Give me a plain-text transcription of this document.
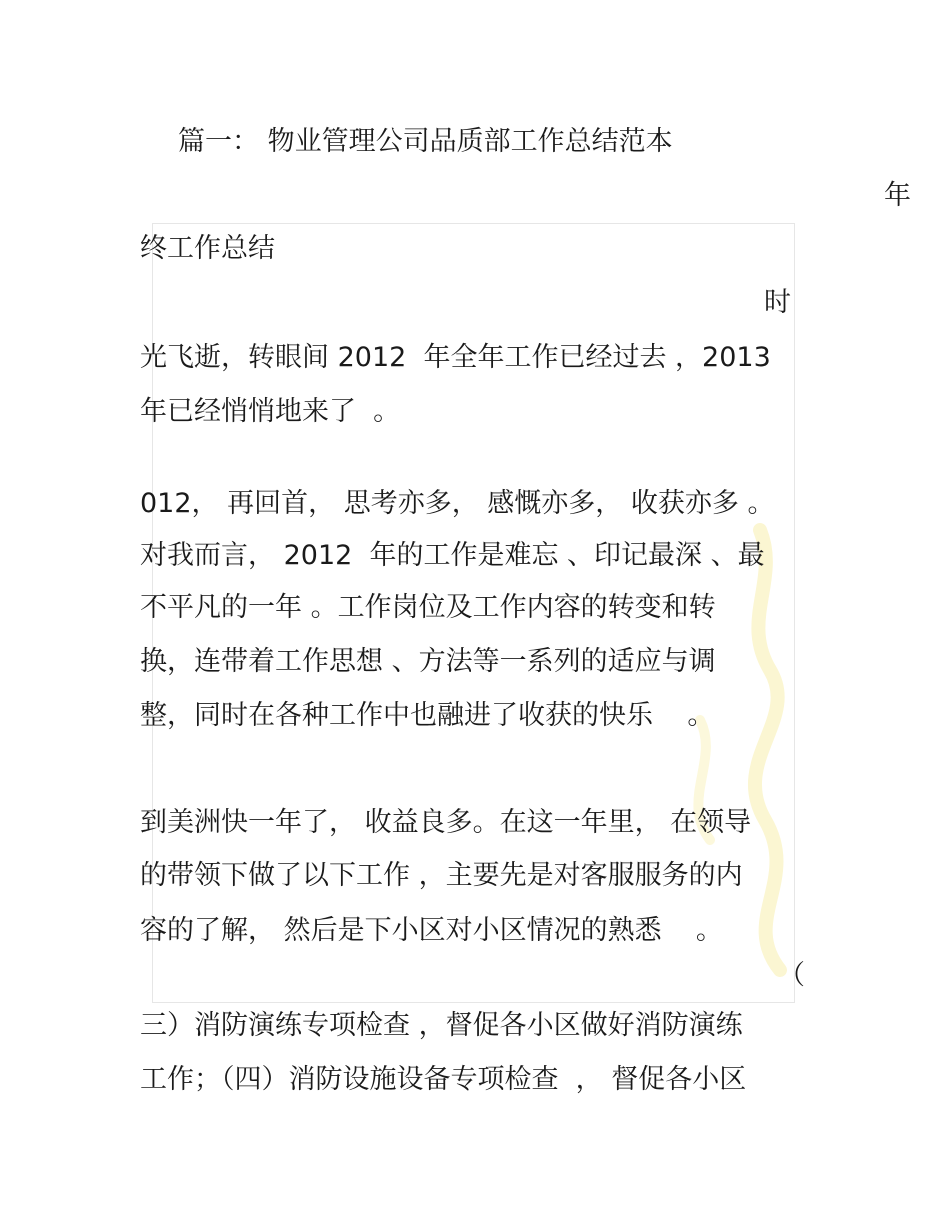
篇一： 物业管理公司品质部工作总结范本

年

终工作总结

时

光飞逝，转眼间 2012  年全年工作已经过去 ，2013

年已经悄悄地来了  。

012， 再回首， 思考亦多， 感慨亦多， 收获亦多 。

对我而言， 2012  年的工作是难忘 、印记最深 、最

不平凡的一年 。工作岗位及工作内容的转变和转

换，连带着工作思想 、方法等一系列的适应与调

整，同时在各种工作中也融进了收获的快乐    。

到美洲快一年了， 收益良多。在这一年里， 在领导

的带领下做了以下工作 ，主要先是对客服服务的内

容的了解， 然后是下小区对小区情况的熟悉    。

（

三）消防演练专项检查 ，督促各小区做好消防演练

工作；（四）消防设施设备专项检查  ， 督促各小区
